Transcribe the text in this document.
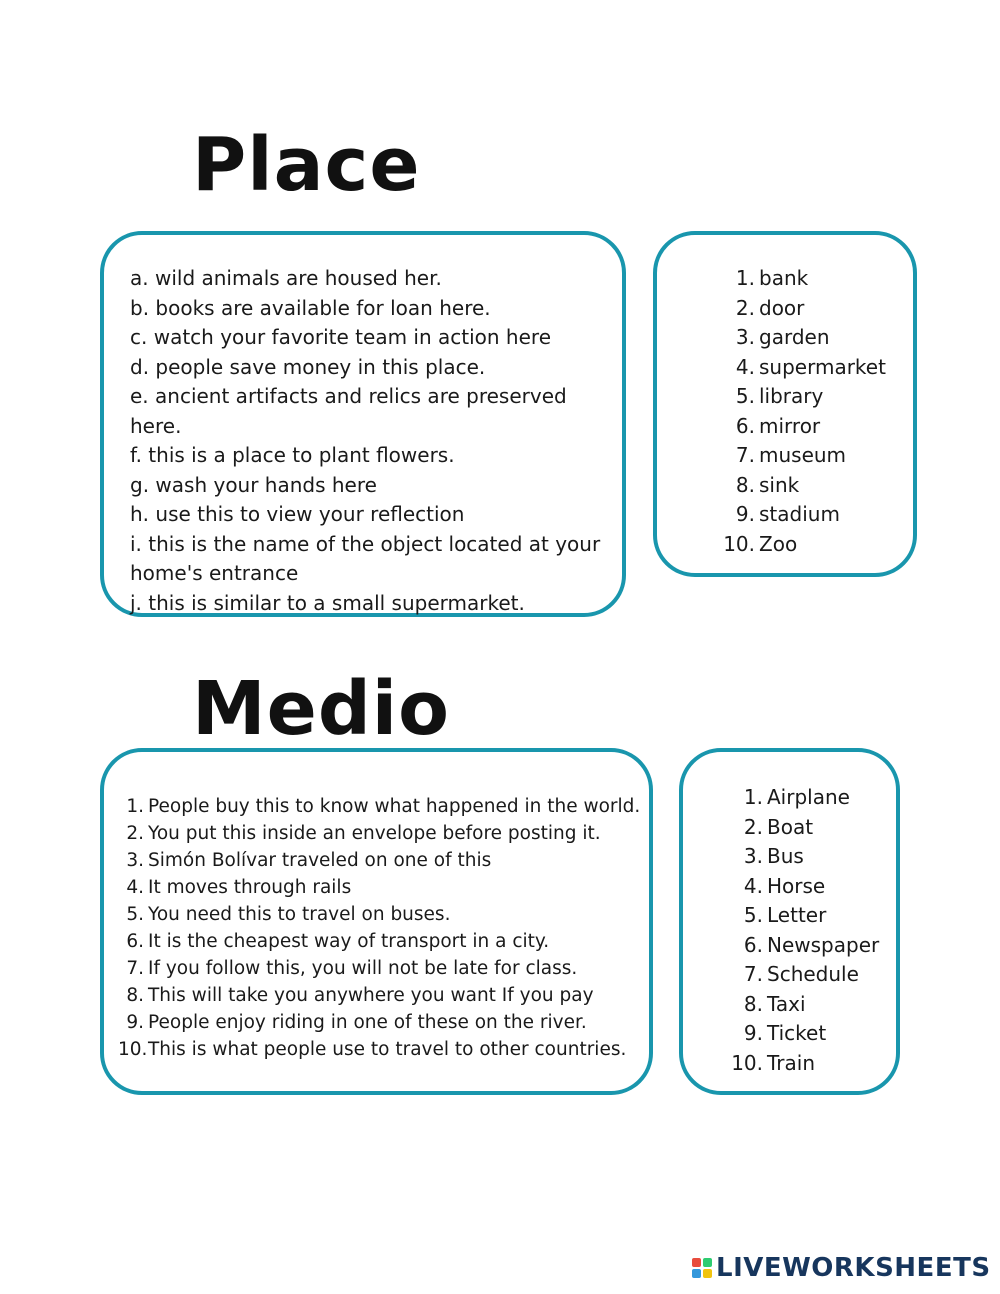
Place
a. wild animals are housed her.
b. books are available for loan here.
c. watch your favorite team in action here
d. people save money in this place.
e. ancient artifacts and relics are preserved here.
f. this is a place to plant flowers.
g. wash your hands here
h. use this to view your reflection
i. this is the name of the object located at your home's entrance
j. this is similar to a small supermarket.
1. bank
2. door
3. garden
4. supermarket
5. library
6. mirror
7. museum
8. sink
9. stadium
10. Zoo
Medio
1. People buy this to know what happened in the world.
2. You put this inside an envelope before posting it.
3. Simón Bolívar traveled on one of this
4. It moves through rails
5. You need this to travel on buses.
6. It is the cheapest way of transport in a city.
7. If you follow this, you will not be late for class.
8. This will take you anywhere you want If you pay
9. People enjoy riding in one of these on the river.
10. This is what people use to travel to other countries.
1. Airplane
2. Boat
3. Bus
4. Horse
5. Letter
6. Newspaper
7. Schedule
8. Taxi
9. Ticket
10. Train
LIVEWORKSHEETS
